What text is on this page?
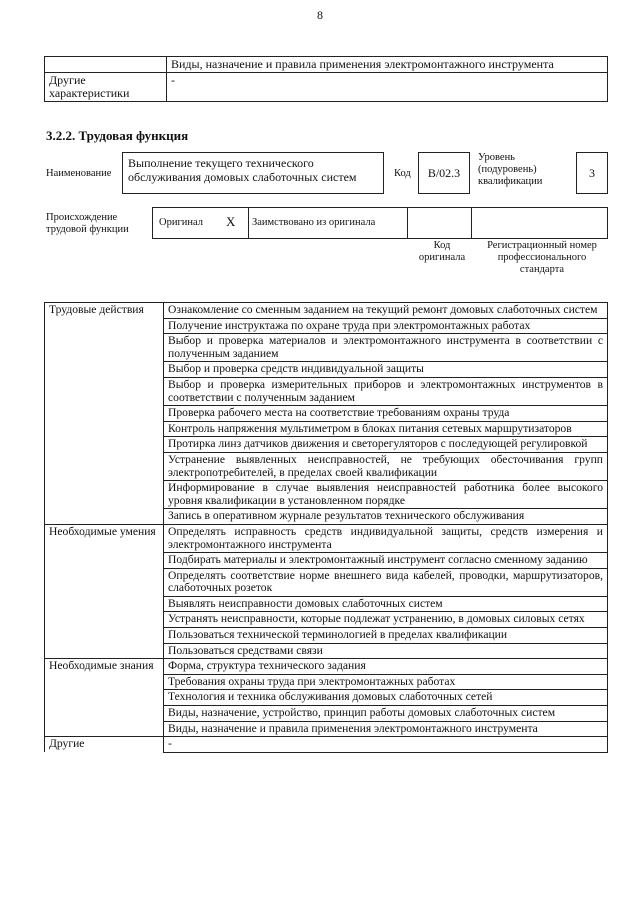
8
	Виды, назначение и правила применения электромонтажного инструмента
Другие характеристики	-
3.2.2. Трудовая функция
Наименование
Выполнение текущего технического обслуживания домовых слаботочных систем	Код	В/02.3
Уровень (подуровень) квалификации
3
Происхождение трудовой функции
Оригинал X Заимствовано из оригинала
Код оригинала
Регистрационный номер профессионального стандарта
Трудовые действия	Ознакомление со сменным заданием на текущий ремонт домовых слаботочных систем
	Получение инструктажа по охране труда при электромонтажных работах
	Выбор и проверка материалов и электромонтажного инструмента в соответствии с полученным заданием
	Выбор и проверка средств индивидуальной защиты
	Выбор и проверка измерительных приборов и электромонтажных инструментов в соответствии с полученным заданием
	Проверка рабочего места на соответствие требованиям охраны труда
	Контроль напряжения мультиметром в блоках питания сетевых маршрутизаторов
	Протирка линз датчиков движения и светорегуляторов с последующей регулировкой
	Устранение выявленных неисправностей, не требующих обесточивания групп электропотребителей, в пределах своей квалификации
	Информирование в случае выявления неисправностей работника более высокого уровня квалификации в установленном порядке
	Запись в оперативном журнале результатов технического обслуживания
Необходимые умения	Определять исправность средств индивидуальной защиты, средств измерения и электромонтажного инструмента
	Подбирать материалы и электромонтажный инструмент согласно сменному заданию
	Определять соответствие норме внешнего вида кабелей, проводки, маршрутизаторов, слаботочных розеток
	Выявлять неисправности домовых слаботочных систем
	Устранять неисправности, которые подлежат устранению, в домовых силовых сетях
	Пользоваться технической терминологией в пределах квалификации
	Пользоваться средствами связи
Необходимые знания	Форма, структура технического задания
	Требования охраны труда при электромонтажных работах
	Технология и техника обслуживания домовых слаботочных сетей
	Виды, назначение, устройство, принцип работы домовых слаботочных систем
	Виды, назначение и правила применения электромонтажного инструмента
Другие	-
